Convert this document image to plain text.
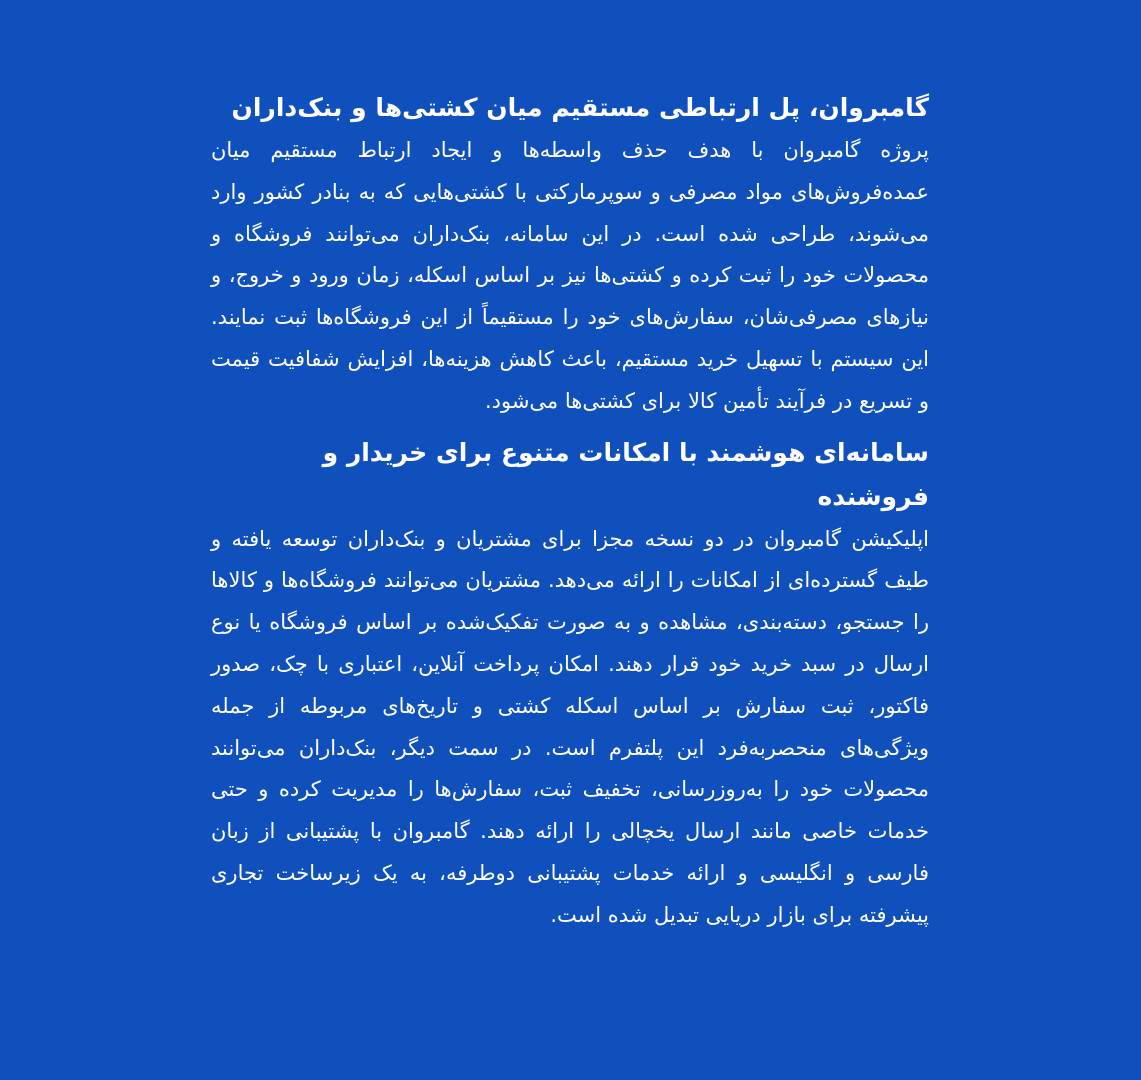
گامبروان، پل ارتباطی مستقیم میان کشتی‌ها و بنک‌داران

پروژه گامبروان با هدف حذف واسطه‌ها و ایجاد ارتباط مستقیم میان عمده‌فروش‌های مواد مصرفی و سوپرمارکتی با کشتی‌هایی که به بنادر کشور وارد می‌شوند، طراحی شده است. در این سامانه، بنک‌داران می‌توانند فروشگاه و محصولات خود را ثبت کرده و کشتی‌ها نیز بر اساس اسکله، زمان ورود و خروج، و نیازهای مصرفی‌شان، سفارش‌های خود را مستقیماً از این فروشگاه‌ها ثبت نمایند. این سیستم با تسهیل خرید مستقیم، باعث کاهش هزینه‌ها، افزایش شفافیت قیمت و تسریع در فرآیند تأمین کالا برای کشتی‌ها می‌شود.

سامانه‌ای هوشمند با امکانات متنوع برای خریدار و فروشنده

اپلیکیشن گامبروان در دو نسخه مجزا برای مشتریان و بنک‌داران توسعه یافته و طیف گسترده‌ای از امکانات را ارائه می‌دهد. مشتریان می‌توانند فروشگاه‌ها و کالاها را جستجو، دسته‌بندی، مشاهده و به صورت تفکیک‌شده بر اساس فروشگاه یا نوع ارسال در سبد خرید خود قرار دهند. امکان پرداخت آنلاین، اعتباری با چک، صدور فاکتور، ثبت سفارش بر اساس اسکله کشتی و تاریخ‌های مربوطه از جمله ویژگی‌های منحصربه‌فرد این پلتفرم است. در سمت دیگر، بنک‌داران می‌توانند محصولات خود را به‌روزرسانی، تخفیف ثبت، سفارش‌ها را مدیریت کرده و حتی خدمات خاصی مانند ارسال یخچالی را ارائه دهند. گامبروان با پشتیبانی از زبان فارسی و انگلیسی و ارائه خدمات پشتیبانی دوطرفه، به یک زیرساخت تجاری پیشرفته برای بازار دریایی تبدیل شده است.
